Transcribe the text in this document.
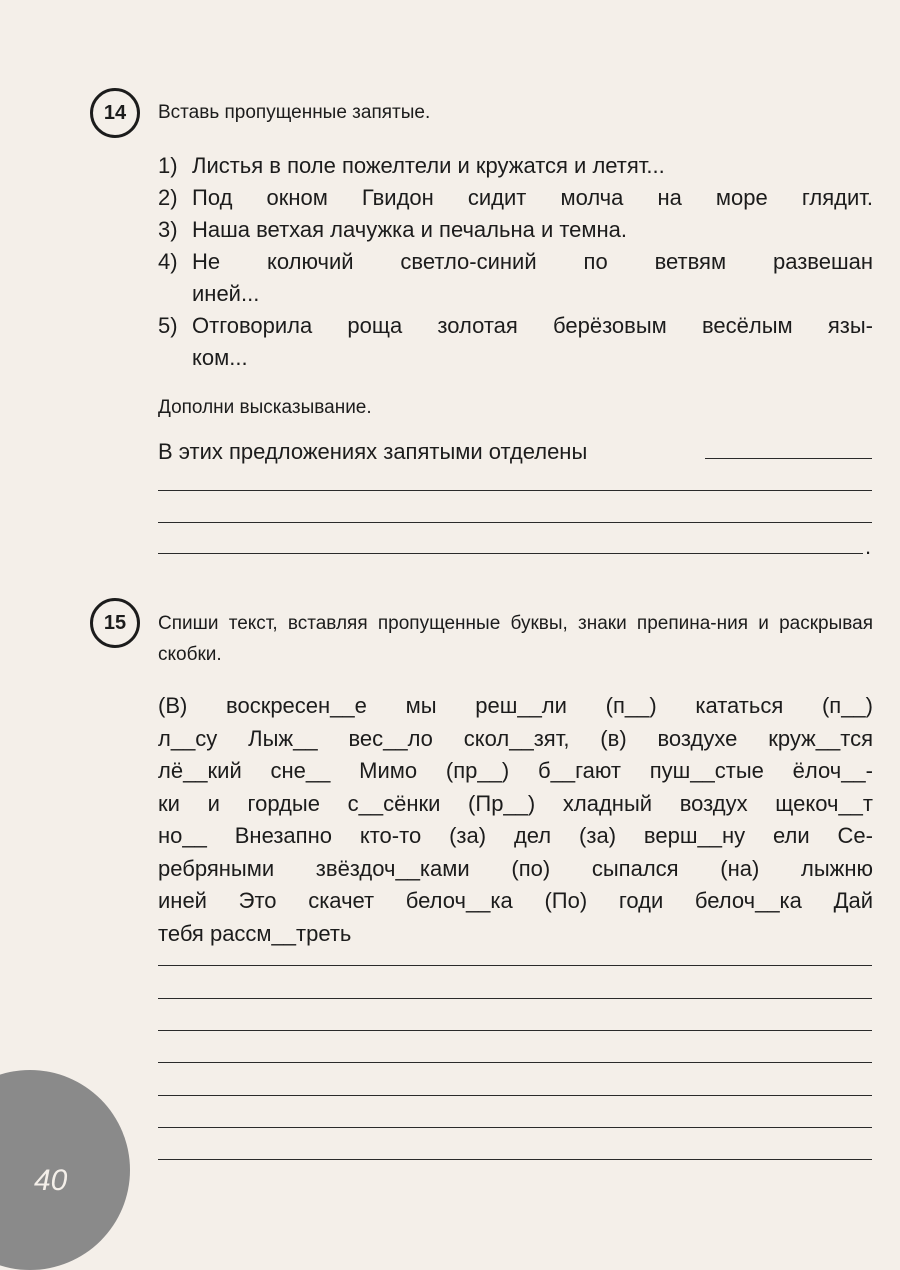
14 Вставь пропущенные запятые.
1) Листья в поле пожелтели и кружатся и летят...
2) Под окном Гвидон сидит молча на море глядит.
3) Наша ветхая лачужка и печальна и темна.
4) Не колючий светло-синий по ветвям развешан
иней...
5) Отговорила роща золотая берёзовым весёлым язы-
ком...
Дополни высказывание.
В этих предложениях запятыми отделены
.
15 Спиши текст, вставляя пропущенные буквы, знаки препина-ния и раскрывая скобки.
(В) воскресен__е мы реш__ли (п__) кататься (п__)
л__су Лыж__ вес__ло скол__зят, (в) воздухе круж__тся
лё__кий сне__ Мимо (пр__) б__гают пуш__стые ёлоч__-
ки и гордые с__сёнки (Пр__) хладный воздух щекоч__т
но__ Внезапно кто-то (за) дел (за) верш__ну ели Се-
ребряными звёздоч__ками (по) сыпался (на) лыжню
иней Это скачет белоч__ка (По) годи белоч__ка Дай
тебя рассм__треть
40
